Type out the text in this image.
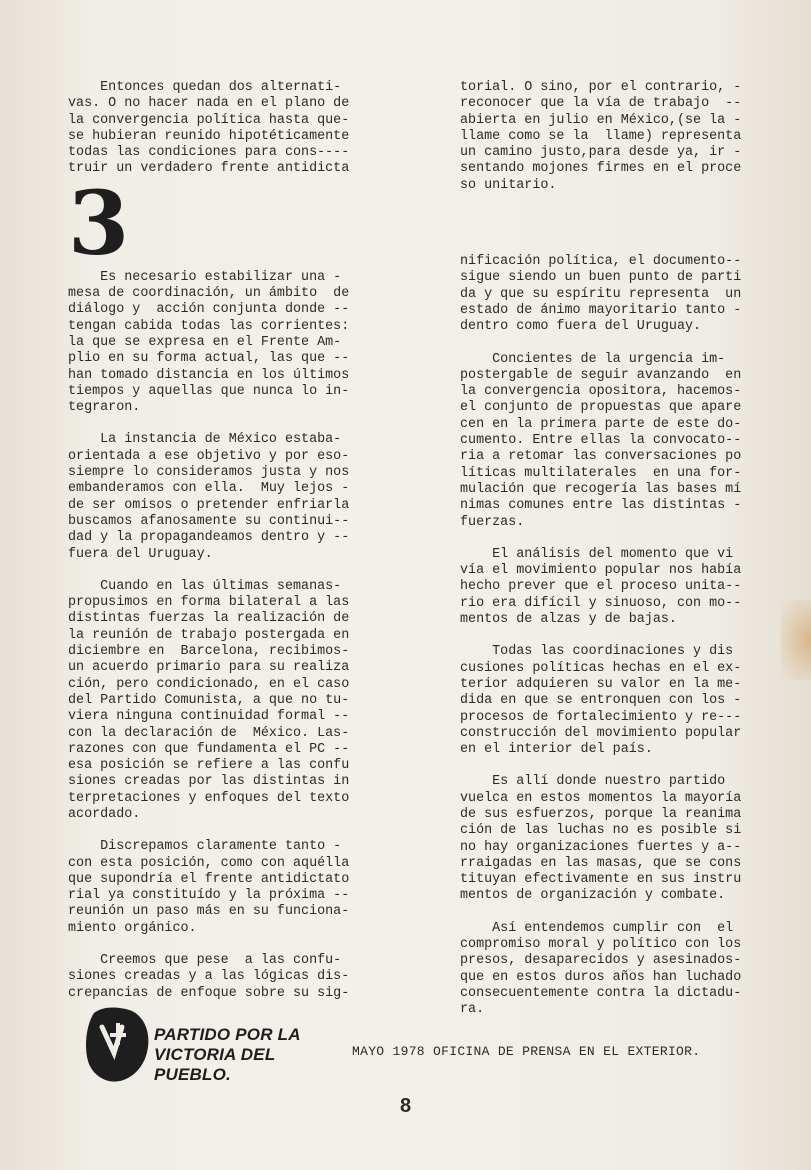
Entonces quedan dos alternati-

vas. O no hacer nada en el plano de

la convergencia política hasta que-

se hubieran reunido hipotéticamente

todas las condiciones para cons----

truir un verdadero frente antidicta

3

Es necesario estabilizar una -

mesa de coordinación, un ámbito  de

diálogo y  acción conjunta donde --

tengan cabida todas las corrientes:

la que se expresa en el Frente Am-

plio en su forma actual, las que --

han tomado distancia en los últimos

tiempos y aquellas que nunca lo in-

tegraron.

La instancia de México estaba-

orientada a ese objetivo y por eso-

siempre lo consideramos justa y nos

embanderamos con ella.  Muy lejos -

de ser omisos o pretender enfriarla

buscamos afanosamente su continui--

dad y la propagandeamos dentro y --

fuera del Uruguay.

Cuando en las últimas semanas-

propusimos en forma bilateral a las

distintas fuerzas la realización de

la reunión de trabajo postergada en

diciembre en  Barcelona, recibimos-

un acuerdo primario para su realiza

ción, pero condicionado, en el caso

del Partido Comunista, a que no tu-

viera ninguna continuidad formal --

con la declaración de  México. Las-

razones con que fundamenta el PC --

esa posición se refiere a las confu

siones creadas por las distintas in

terpretaciones y enfoques del texto

acordado.

Discrepamos claramente tanto -

con esta posición, como con aquélla

que supondría el frente antidictato

rial ya constituído y la próxima --

reunión un paso más en su funciona-

miento orgánico.

Creemos que pese  a las confu-

siones creadas y a las lógicas dis-

crepancias de enfoque sobre su sig-

torial. O sino, por el contrario, -

reconocer que la vía de trabajo  --

abierta en julio en México,(se la -

llame como se la  llame) representa

un camino justo,para desde ya, ir -

sentando mojones firmes en el proce

so unitario.

nificación política, el documento--

sigue siendo un buen punto de parti

da y que su espíritu representa  un

estado de ánimo mayoritario tanto -

dentro como fuera del Uruguay.

Concientes de la urgencia im-

postergable de seguir avanzando  en

la convergencia opositora, hacemos-

el conjunto de propuestas que apare

cen en la primera parte de este do-

cumento. Entre ellas la convocato--

ria a retomar las conversaciones po

líticas multilaterales  en una for-

mulación que recogería las bases mí

nimas comunes entre las distintas -

fuerzas.

El análisis del momento que vi

vía el movimiento popular nos había

hecho prever que el proceso unita--

rio era difícil y sinuoso, con mo--

mentos de alzas y de bajas.

Todas las coordinaciones y dis

cusiones políticas hechas en el ex-

terior adquieren su valor en la me-

dida en que se entronquen con los -

procesos de fortalecimiento y re---

construcción del movimiento popular

en el interior del país.

Es allí donde nuestro partido

vuelca en estos momentos la mayoría

de sus esfuerzos, porque la reanima

ción de las luchas no es posible si

no hay organizaciones fuertes y a--

rraigadas en las masas, que se cons

tituyan efectivamente en sus instru

mentos de organización y combate.

Así entendemos cumplir con  el

compromiso moral y político con los

presos, desaparecidos y asesinados-

que en estos duros años han luchado

consecuentemente contra la dictadu-

ra.

PARTIDO POR LA
VICTORIA DEL
PUEBLO.
MAYO 1978 OFICINA DE PRENSA EN EL EXTERIOR.
8
